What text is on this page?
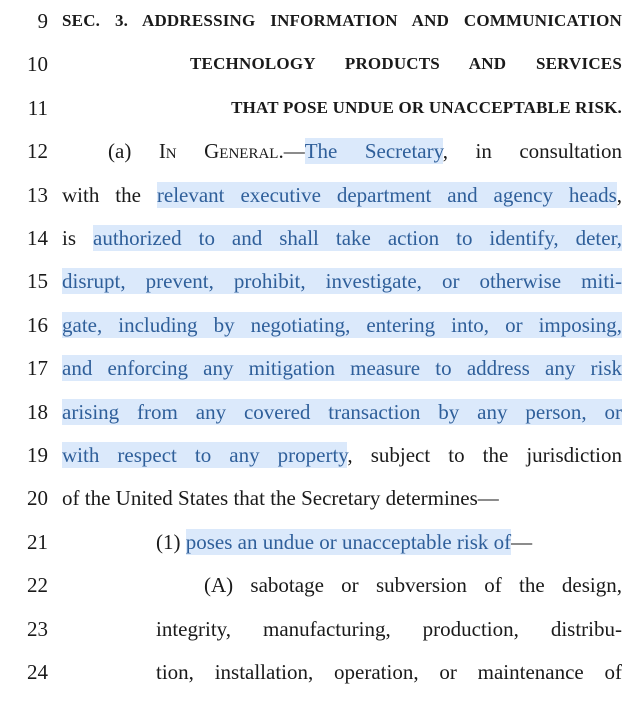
9 SEC. 3. ADDRESSING INFORMATION AND COMMUNICATION
10	TECHNOLOGY PRODUCTS AND SERVICES
11	THAT POSE UNDUE OR UNACCEPTABLE RISK.
12	(a) In General.—The Secretary, in consultation
13 with the relevant executive department and agency heads,
14 is authorized to and shall take action to identify, deter,
15 disrupt, prevent, prohibit, investigate, or otherwise miti-
16 gate, including by negotiating, entering into, or imposing,
17 and enforcing any mitigation measure to address any risk
18 arising from any covered transaction by any person, or
19 with respect to any property, subject to the jurisdiction
20 of the United States that the Secretary determines—
21	(1) poses an undue or unacceptable risk of—
22	(A) sabotage or subversion of the design,
23	integrity, manufacturing, production, distribu-
24	tion, installation, operation, or maintenance of
